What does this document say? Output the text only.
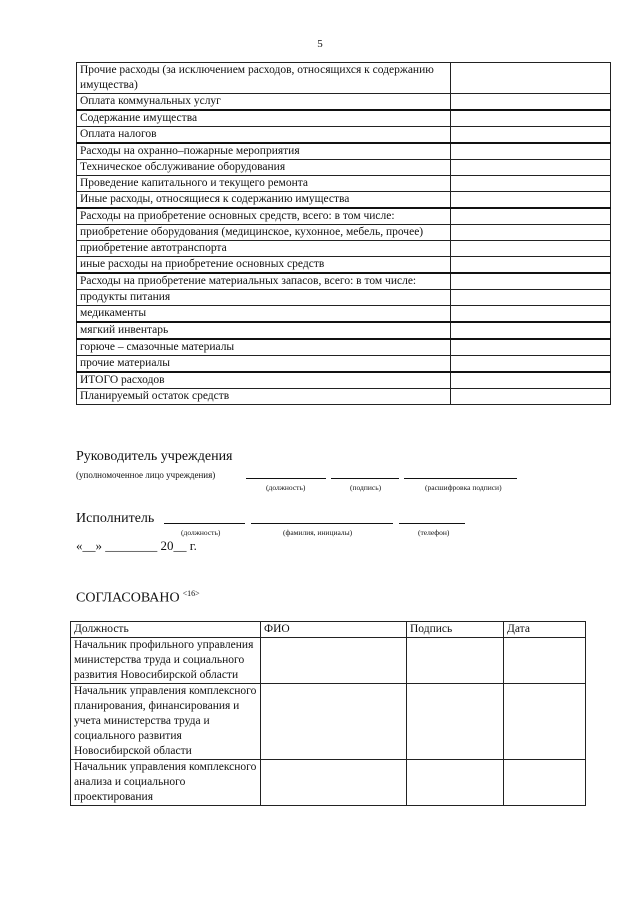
5
Прочие расходы (за исключением расходов, относящихся к содержанию имущества)	
Оплата коммунальных услуг	
Содержание имущества	
Оплата налогов	
Расходы на охранно–пожарные мероприятия	
Техническое обслуживание оборудования	
Проведение капитального и текущего ремонта	
Иные расходы, относящиеся к содержанию имущества	
Расходы на приобретение основных средств, всего: в том числе:	
приобретение оборудования (медицинское, кухонное, мебель, прочее)	
приобретение автотранспорта	
иные расходы на приобретение основных средств	
Расходы на приобретение материальных запасов, всего: в том числе:	
продукты питания	
медикаменты	
мягкий инвентарь	
горюче – смазочные материалы	
прочие материалы	
ИТОГО расходов	
Планируемый остаток средств	
Руководитель учреждения
(уполномоченное лицо учреждения)
(должность)	(подпись)	(расшифровка подписи)
Исполнитель
(должность)	(фамилия, инициалы)	(телефон)
«__» ________ 20__ г.
СОГЛАСОВАНО $^{<16>}$
Должность	ФИО	Подпись	Дата
Начальник профильного управления министерства труда и социального развития Новосибирской области			
Начальник управления комплексного планирования, финансирования и учета министерства труда и социального развития Новосибирской области			
Начальник управления комплексного анализа и социального проектирования			
